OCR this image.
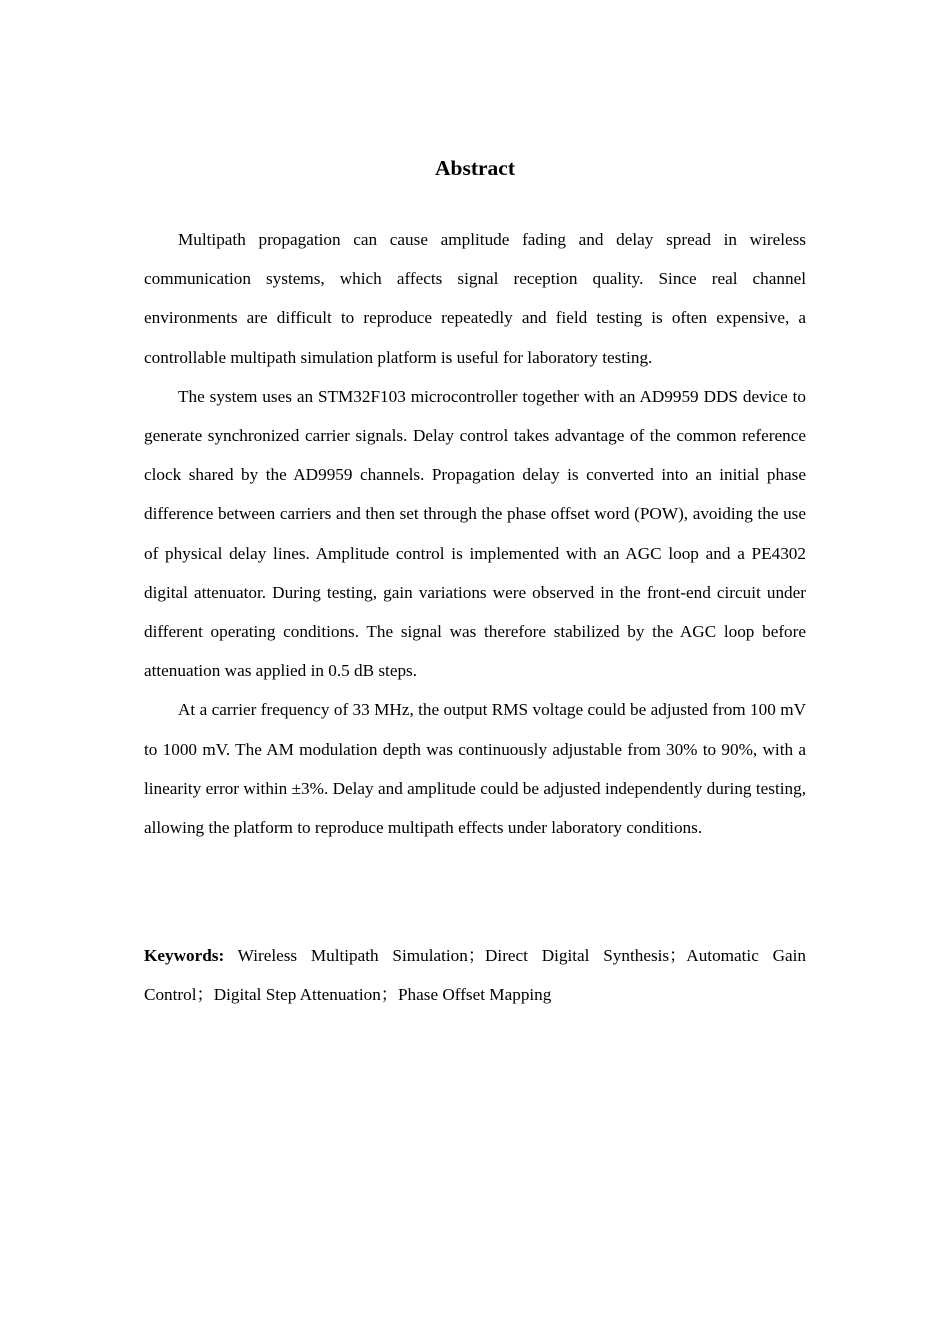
Abstract

Multipath propagation can cause amplitude fading and delay spread in wireless communication systems, which affects signal reception quality. Since real channel environments are difficult to reproduce repeatedly and field testing is often expensive, a controllable multipath simulation platform is useful for laboratory testing.

The system uses an STM32F103 microcontroller together with an AD9959 DDS device to generate synchronized carrier signals. Delay control takes advantage of the common reference clock shared by the AD9959 channels. Propagation delay is converted into an initial phase difference between carriers and then set through the phase offset word (POW), avoiding the use of physical delay lines. Amplitude control is implemented with an AGC loop and a PE4302 digital attenuator. During testing, gain variations were observed in the front-end circuit under different operating conditions. The signal was therefore stabilized by the AGC loop before attenuation was applied in 0.5 dB steps.

At a carrier frequency of 33 MHz, the output RMS voltage could be adjusted from 100 mV to 1000 mV. The AM modulation depth was continuously adjustable from 30% to 90%, with a linearity error within ±3%. Delay and amplitude could be adjusted independently during testing, allowing the platform to reproduce multipath effects under laboratory conditions.

Keywords: Wireless Multipath Simulation；Direct Digital Synthesis；Automatic Gain Control；Digital Step Attenuation；Phase Offset Mapping
